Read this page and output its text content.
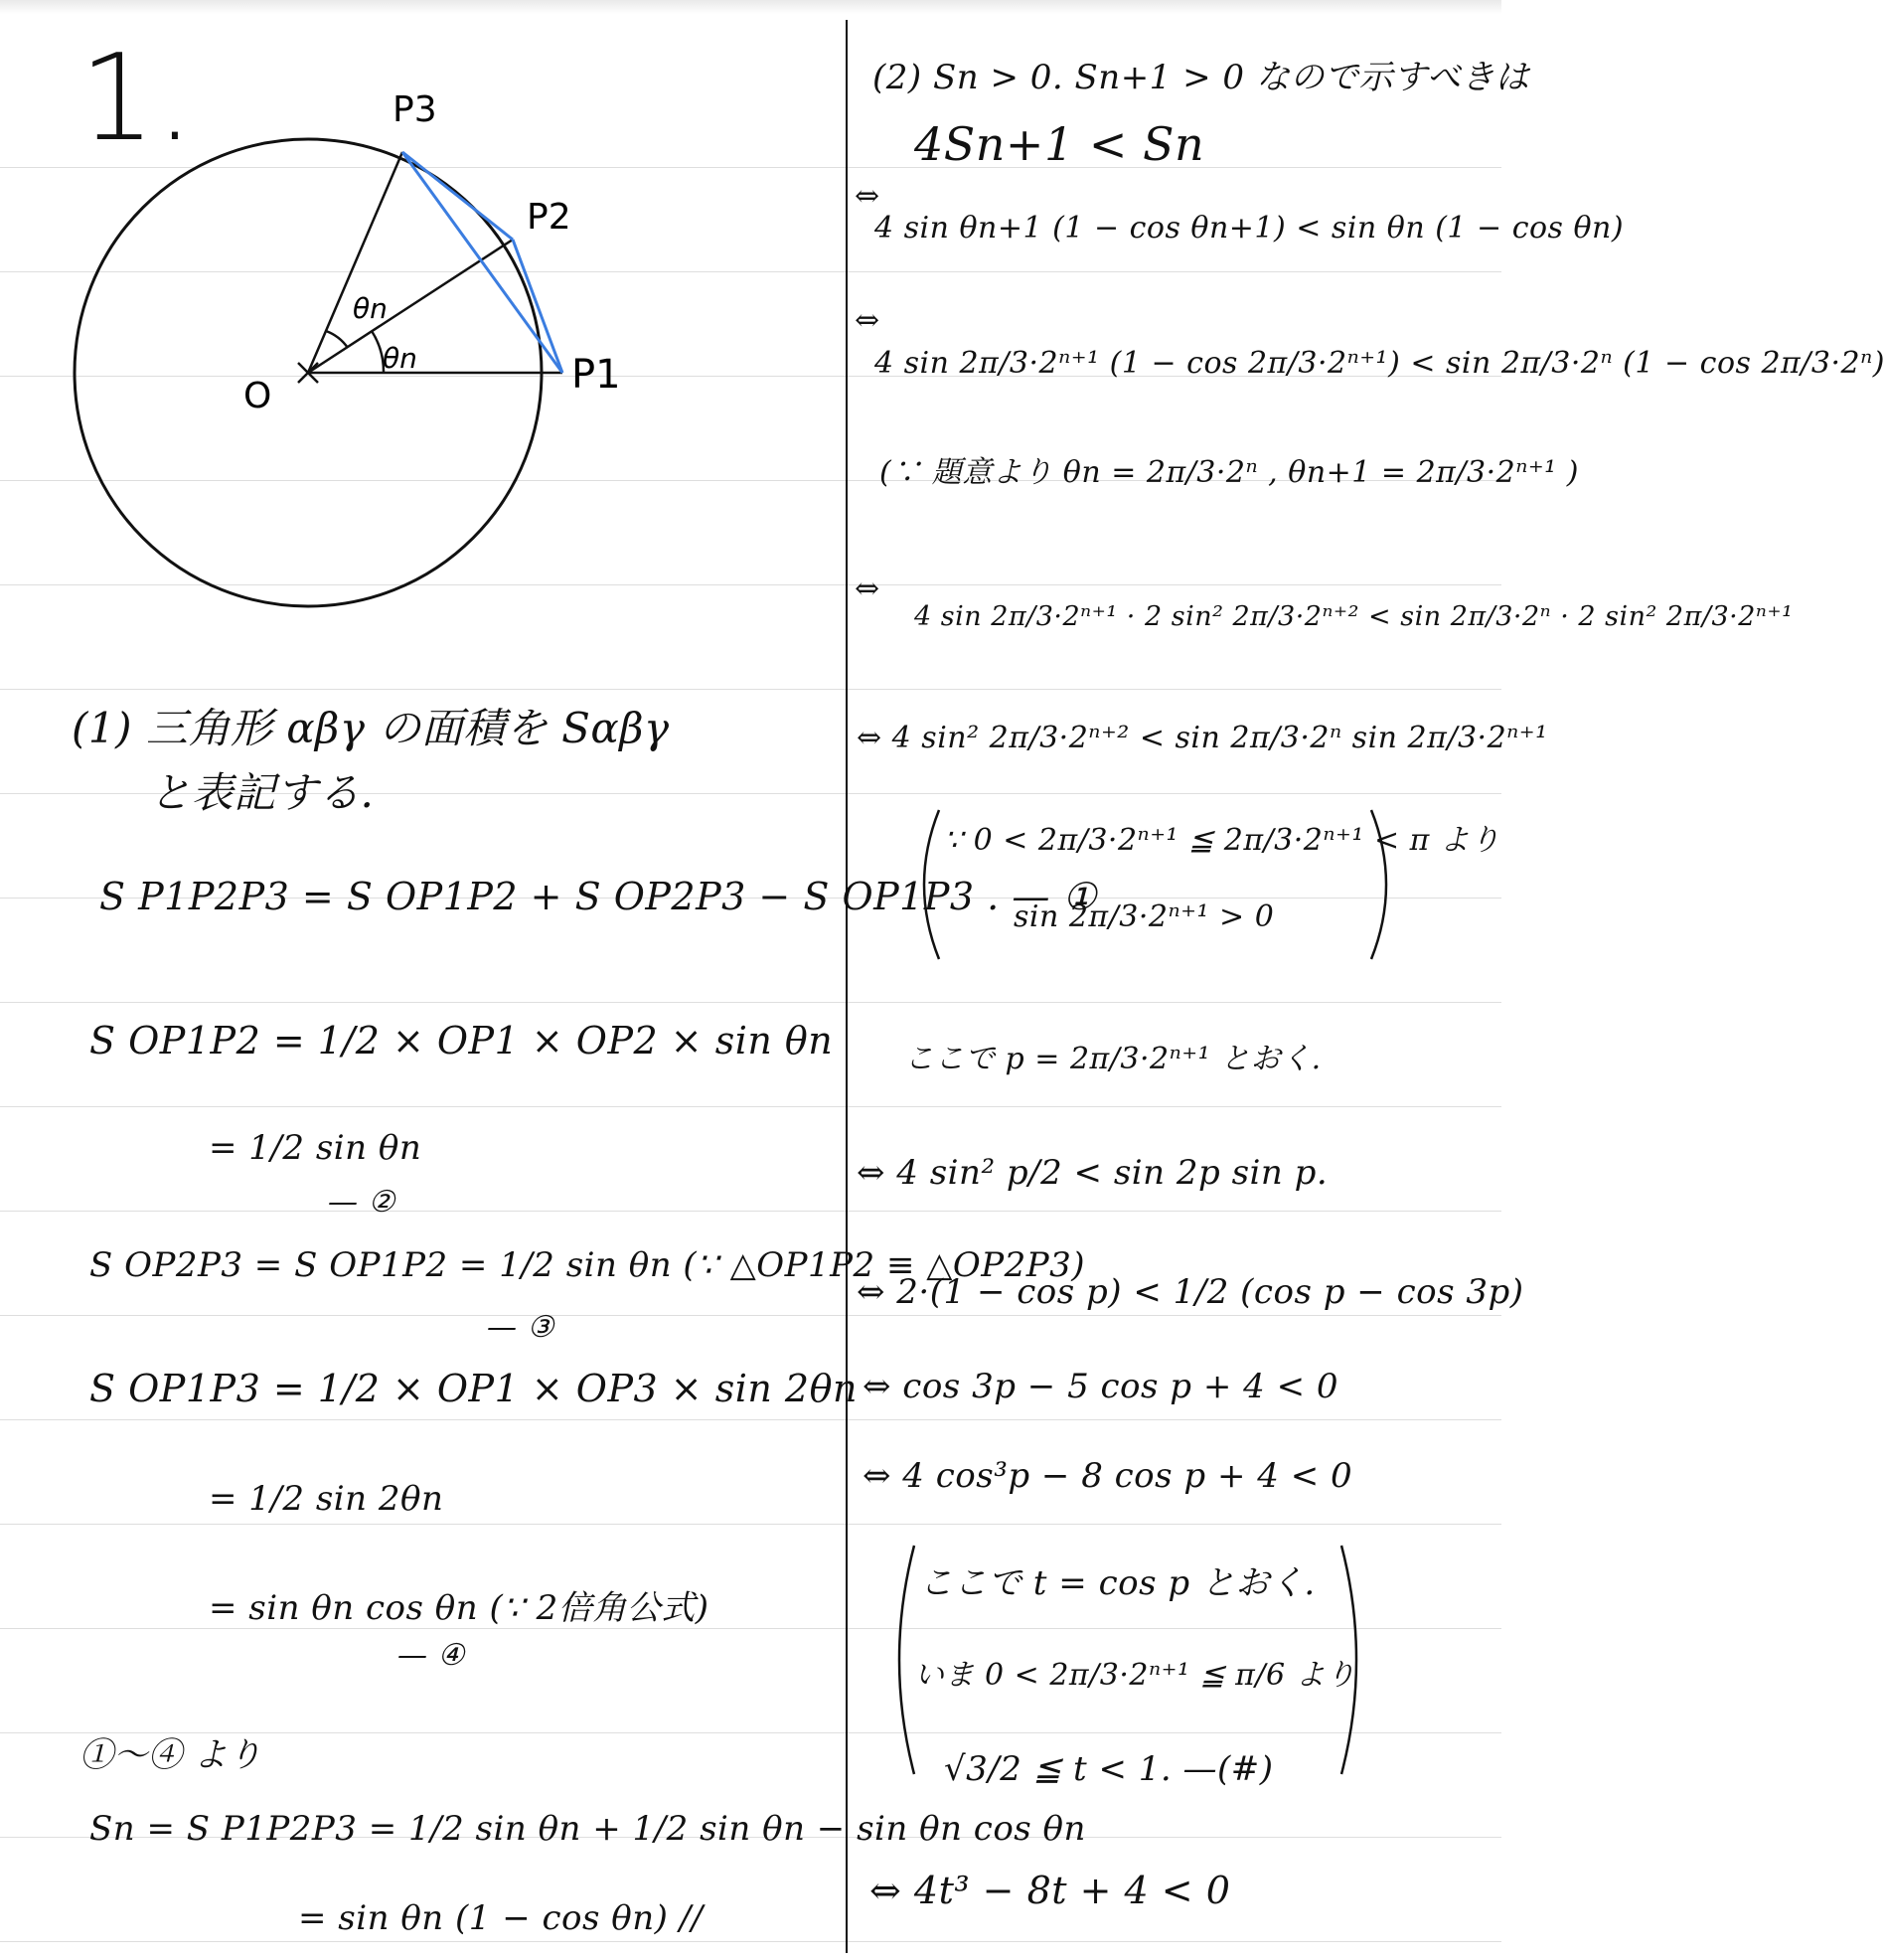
1.	P3
P2
P1
O
θn
θn
(1) 三角形 αβγ の面積を Sαβγ
と表記する.
S P1P2P3 = S OP1P2 + S OP2P3 − S OP1P3 . — ①
S OP1P2 = 1/2 × OP1 × OP2 × sin θn
= 1/2 sin θn
— ②
S OP2P3 = S OP1P2 = 1/2 sin θn (∵ △OP1P2 ≡ △OP2P3)
— ③
S OP1P3 = 1/2 × OP1 × OP3 × sin 2θn
= 1/2 sin 2θn
= sin θn cos θn (∵ 2倍角公式)
— ④
①〜④ より
Sn = S P1P2P3 = 1/2 sin θn + 1/2 sin θn − sin θn cos θn
= sin θn (1 − cos θn) //
(2) Sn > 0. Sn+1 > 0 なので示すべきは
4Sn+1 < Sn
⇔
4 sin θn+1 (1 − cos θn+1) < sin θn (1 − cos θn)
⇔
4 sin 2π/3·2ⁿ⁺¹ (1 − cos 2π/3·2ⁿ⁺¹) < sin 2π/3·2ⁿ (1 − cos 2π/3·2ⁿ)
(∵ 題意より θn = 2π/3·2ⁿ , θn+1 = 2π/3·2ⁿ⁺¹ )
⇔
4 sin 2π/3·2ⁿ⁺¹ · 2 sin² 2π/3·2ⁿ⁺² < sin 2π/3·2ⁿ · 2 sin² 2π/3·2ⁿ⁺¹
⇔ 4 sin² 2π/3·2ⁿ⁺² < sin 2π/3·2ⁿ sin 2π/3·2ⁿ⁺¹
∵ 0 < 2π/3·2ⁿ⁺¹ ≦ 2π/3·2ⁿ⁺¹ < π より
sin 2π/3·2ⁿ⁺¹ > 0
ここで p = 2π/3·2ⁿ⁺¹ とおく.
⇔ 4 sin² p/2 < sin 2p sin p.
⇔ 2·(1 − cos p) < 1/2 (cos p − cos 3p)
⇔ cos 3p − 5 cos p + 4 < 0
⇔ 4 cos³p − 8 cos p + 4 < 0
ここで t = cos p とおく.
いま 0 < 2π/3·2ⁿ⁺¹ ≦ π/6 より
√3/2 ≦ t < 1. —(#)
⇔ 4t³ − 8t + 4 < 0
